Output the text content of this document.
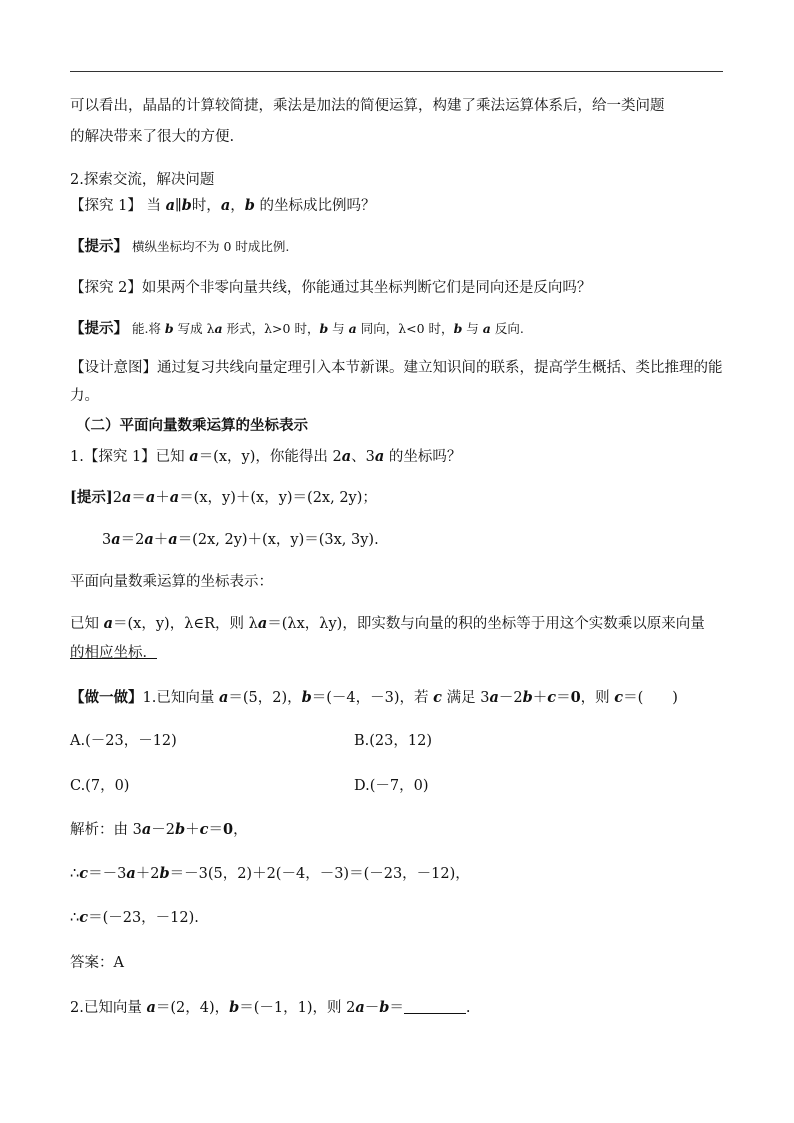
可以看出，晶晶的计算较简捷，乘法是加法的简便运算，构建了乘法运算体系后，给一类问题
的解决带来了很大的方便.
2.探索交流，解决问题
【探究 1】 当 a∥b时，a，b 的坐标成比例吗？
【提示】 横纵坐标均不为 0 时成比例.
【探究 2】如果两个非零向量共线，你能通过其坐标判断它们是同向还是反向吗？
【提示】 能.将 b 写成 λa 形式，λ>0 时，b 与 a 同向，λ<0 时，b 与 a 反向.
【设计意图】通过复习共线向量定理引入本节新课。建立知识间的联系，提高学生概括、类比推理的能
力。
（二）平面向量数乘运算的坐标表示
1.【探究 1】已知 a＝(x，y)，你能得出 2a、3a 的坐标吗？
[提示]2a＝a＋a＝(x，y)＋(x，y)＝(2x, 2y)；
3a＝2a＋a＝(2x, 2y)＋(x，y)＝(3x, 3y).
平面向量数乘运算的坐标表示：
已知 a＝(x，y)，λ∈R，则 λa＝(λx，λy)，即实数与向量的积的坐标等于用这个实数乘以原来向量
的相应坐标．
【做一做】1.已知向量 a＝(5，2)，b＝(－4，－3)，若 c 满足 3a－2b＋c＝0，则 c＝(　　)
A.(－23，－12)	B.(23，12)
C.(7，0)	D.(－7，0)
解析：由 3a－2b＋c＝0，
∴c＝－3a＋2b＝－3(5，2)＋2(－4，－3)＝(－23，－12)，
∴c＝(－23，－12).
答案：A
2.已知向量 a＝(2，4)，b＝(－1，1)，则 2a－b＝	.
